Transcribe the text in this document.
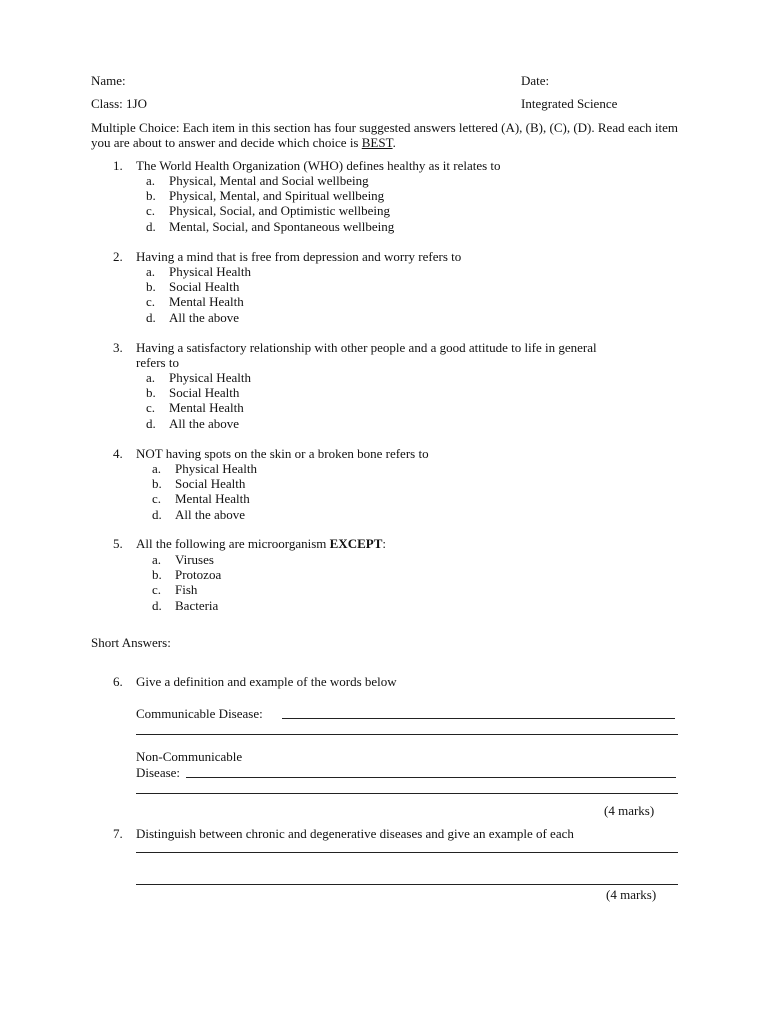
Name:	Date:
Class: 1JO	Integrated Science
Multiple Choice: Each item in this section has four suggested answers lettered (A), (B), (C), (D). Read each item you are about to answer and decide which choice is BEST.
1. The World Health Organization (WHO) defines healthy as it relates to
a. Physical, Mental and Social wellbeing
b. Physical, Mental, and Spiritual wellbeing
c. Physical, Social, and Optimistic wellbeing
d. Mental, Social, and Spontaneous wellbeing
2. Having a mind that is free from depression and worry refers to
a. Physical Health
b. Social Health
c. Mental Health
d. All the above
3. Having a satisfactory relationship with other people and a good attitude to life in general
refers to
a. Physical Health
b. Social Health
c. Mental Health
d. All the above
4. NOT having spots on the skin or a broken bone refers to
a. Physical Health
b. Social Health
c. Mental Health
d. All the above
5. All the following are microorganism EXCEPT:
a. Viruses
b. Protozoa
c. Fish
d. Bacteria
Short Answers:
6. Give a definition and example of the words below
Communicable Disease:
Non-Communicable
Disease:
(4 marks)
7. Distinguish between chronic and degenerative diseases and give an example of each
(4 marks)
